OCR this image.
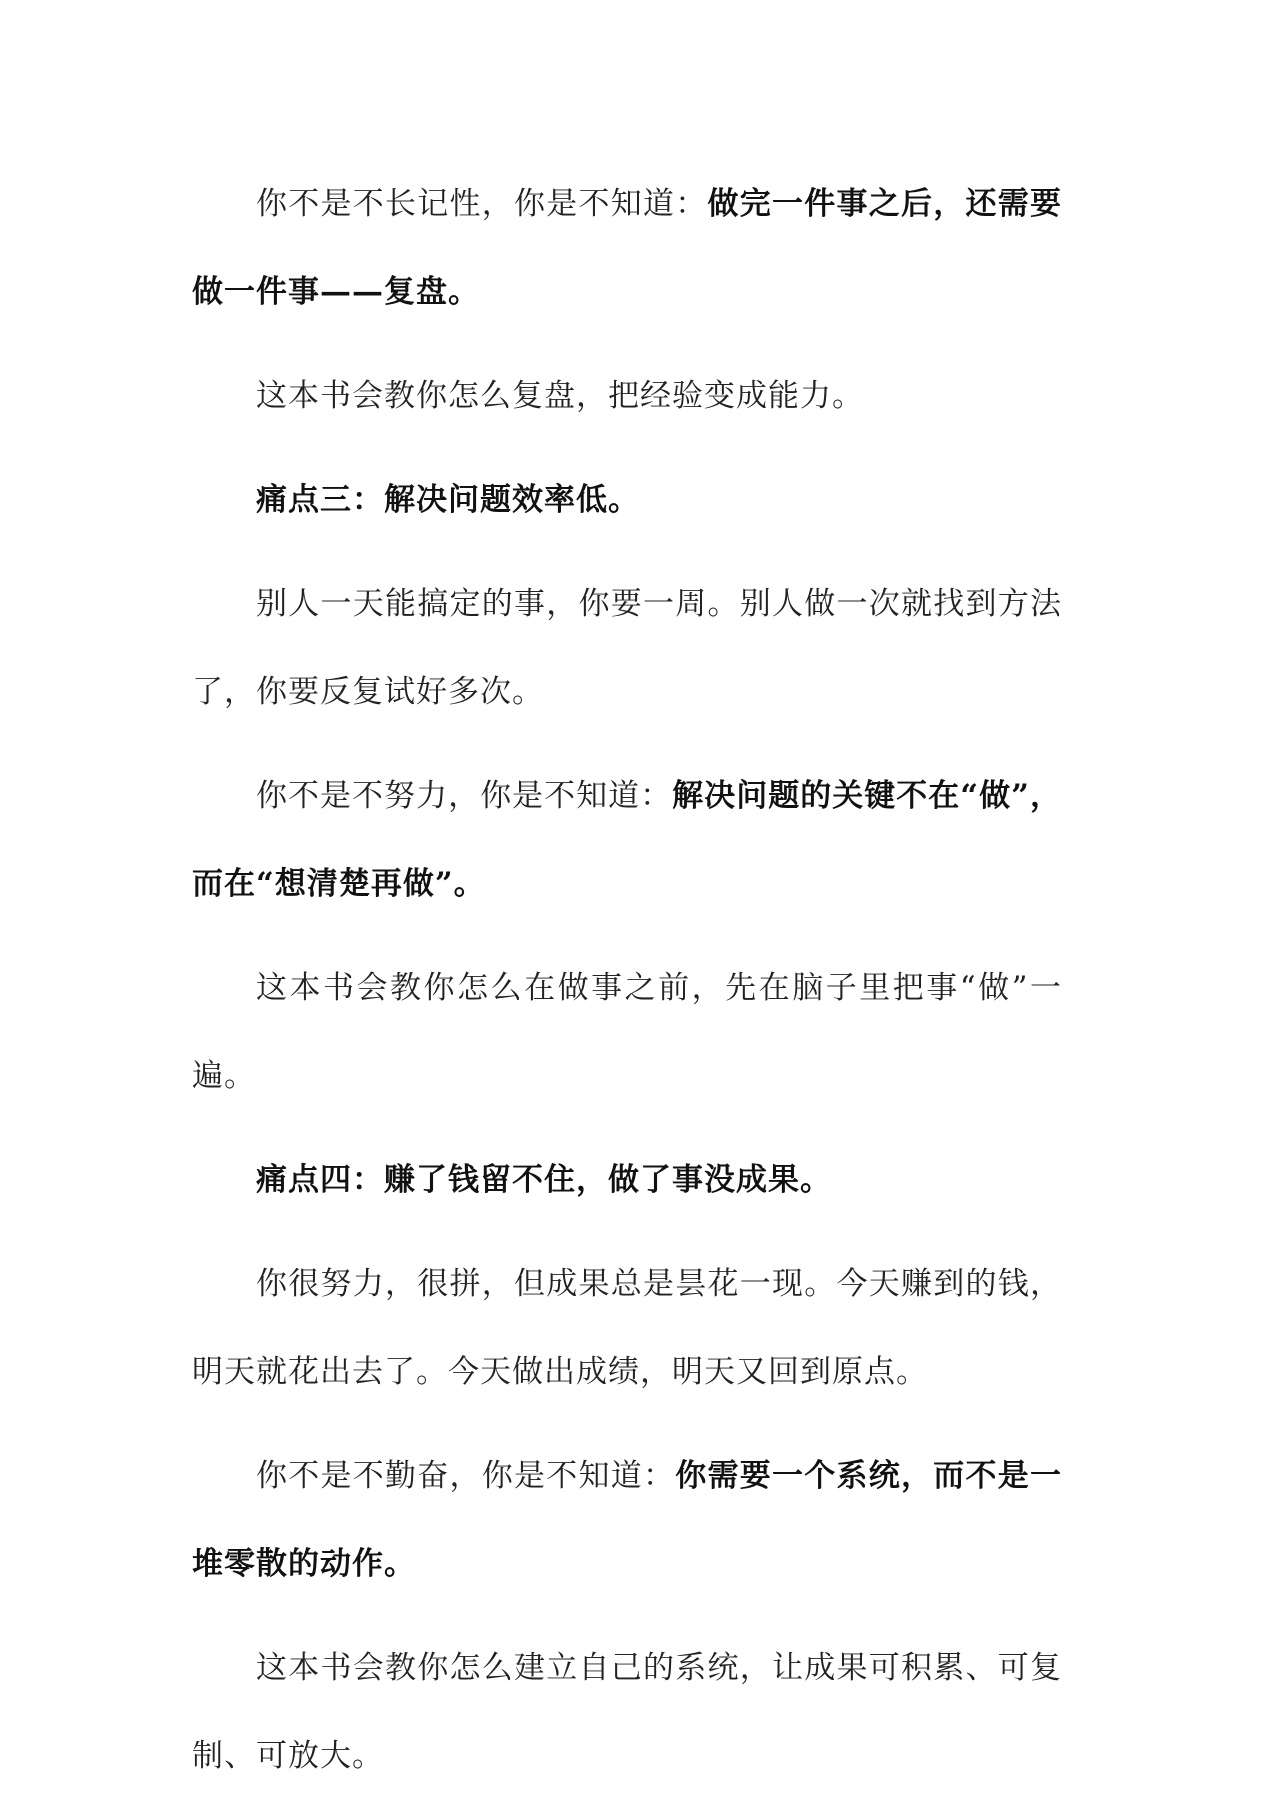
你不是不长记性，你是不知道：做完一件事之后，还需要做一件事——复盘。

这本书会教你怎么复盘，把经验变成能力。

痛点三：解决问题效率低。

别人一天能搞定的事，你要一周。别人做一次就找到方法了，你要反复试好多次。

你不是不努力，你是不知道：解决问题的关键不在“做”，而在“想清楚再做”。

这本书会教你怎么在做事之前，先在脑子里把事“做”一遍。

痛点四：赚了钱留不住，做了事没成果。

你很努力，很拼，但成果总是昙花一现。今天赚到的钱，明天就花出去了。今天做出成绩，明天又回到原点。

你不是不勤奋，你是不知道：你需要一个系统，而不是一堆零散的动作。

这本书会教你怎么建立自己的系统，让成果可积累、可复制、可放大。
